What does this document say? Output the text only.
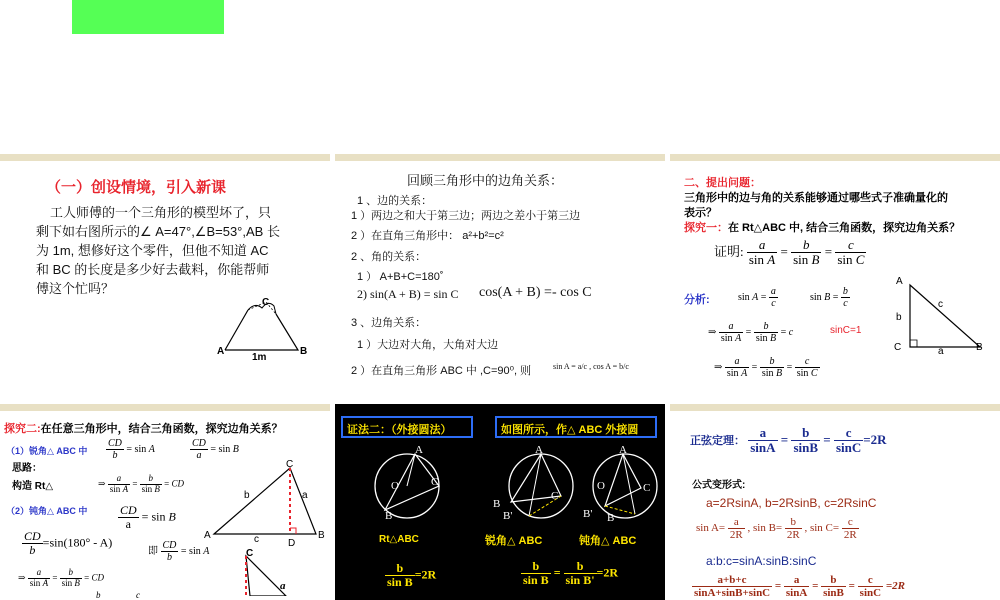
（一）创设情境，引入新课
工人师傅的一个三角形的模型坏了，只
剩下如右图所示的∠ A=47°,∠B=53°,AB 长
为 1m, 想修好这个零件，但他不知道 AC
和 BC 的长度是多少好去截料，你能帮师
傅这个忙吗？
C
A	B
1m
回顾三角形中的边角关系：
1 、边的关系：
1 ）两边之和大于第三边；两边之差小于第三边
2 ）在直角三角形中： a²+b²=c²
2 、角的关系：
1 ） A+B+C=180˚
2) sin(A + B) = sin C cos(A + B) =- cos C
3 、边角关系：
1 ）大边对大角，大角对大边
2 ）在直角三角形 ABC 中 ,C=90⁰, 则	sin A = a/c , cos A = b/c
二、提出问题：
三角形中的边与角的关系能够通过哪些式子准确量化的
表示？
探究一：在 Rt△ABC 中, 结合三角函数，探究边角关系？
证明: $\frac{a}{\text{sin A}} = \frac{b}{\text{sin B}} = \frac{c}{\text{sin C}}$
分析:	$\sin A = \frac{a}{c}$	$\sin B = \frac{b}{c}$
⇒ $\frac{a}{\text{sin A}} = \frac{b}{\text{sin B}} = c$	sinC=1
⇒ $\frac{a}{\text{sin A}} = \frac{b}{\text{sin B}} = \frac{c}{\text{sin C}}$
A
B
C
b
c
a
探究二:在任意三角形中，结合三角函数，探究边角关系？
（1）锐角△ ABC 中 $\frac{CD}{b} = \sin A$	$\frac{CD}{a} = \sin B$
思路：
构造 Rt△	⇒ $\frac{a}{\text{sin A}} = \frac{b}{\text{sin B}}$ = CD
（2）钝角△ ABC 中	$\frac{CD}{a} = \sin B$
$\frac{CD}{b} =\sin(180^\circ - A)$
即 $\frac{CD}{b} = \sin A$
⇒ $\frac{a}{\text{sin A}} = \frac{b}{\text{sin B}}$ = CD
b	c
C
A	B
D
b	a
c
C
a
证法二：（外接圆法）	如图所示，作△ ABC 外接圆
O
A
C
B
A
C
B
B'
A
C
O
B' B
Rt△ABC	锐角△ ABC	钝角△ ABC
$\frac{b}{\text{sin B}} =2R$	$\frac{b}{\text{sin B}} = \frac{b}{\text{sin B'}} =2R$
正弦定理： $\frac{a}{\sin A} = \frac{b}{\sin B} = \frac{c}{\sin C} =2R$
公式变形式:
a=2RsinA, b=2RsinB, c=2RsinC
$\sin A= \frac{a}{2R}$ , $\sin B= \frac{b}{2R}$ , $\sin C= \frac{c}{2R}$
a:b:c=sinA:sinB:sinC
$\frac{a+b+c}{\sin A+\sin B+\sin C} = \frac{a}{\sin A} = \frac{b}{\sin B} = \frac{c}{\sin C} =2R$
